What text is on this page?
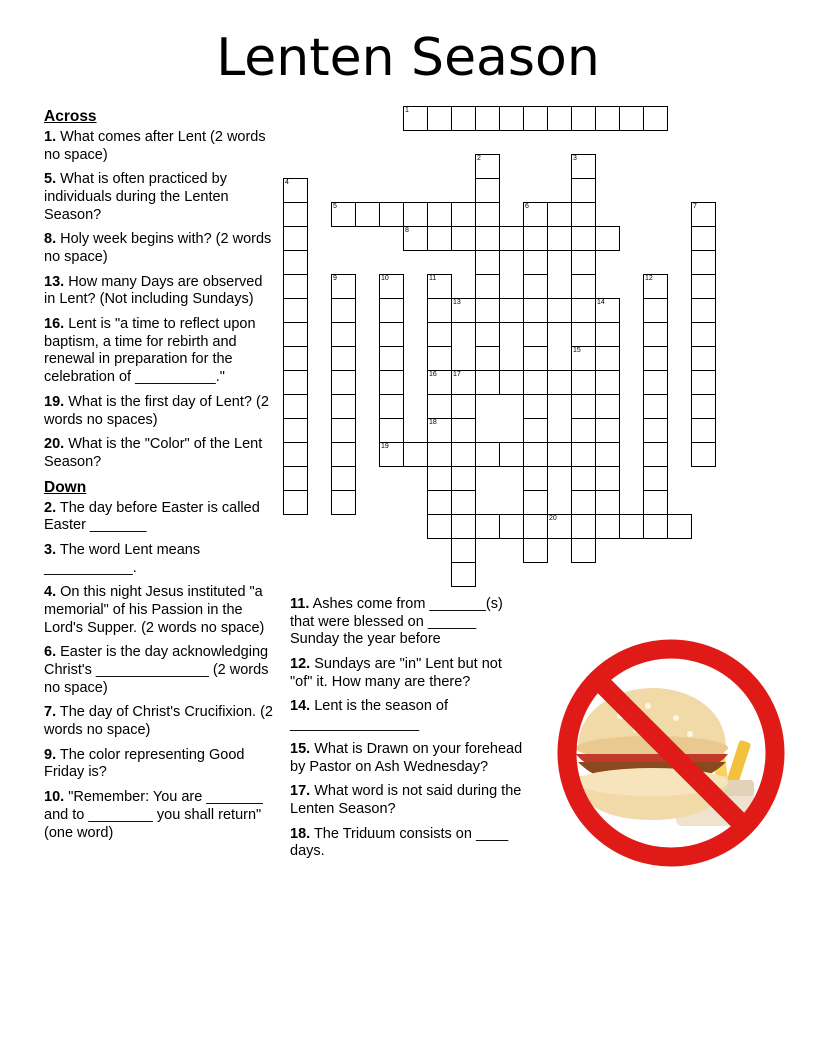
Lenten Season
Across
1. What comes after Lent (2 words no space)
5. What is often practiced by individuals during the Lenten Season?
8. Holy week begins with? (2 words no space)
13. How many Days are observed in Lent? (Not including Sundays)
16. Lent is "a time to reflect upon baptism, a time for rebirth and renewal in preparation for the celebration of __________."
19. What is the first day of Lent? (2 words no spaces)
20. What is the "Color" of the Lent Season?
Down
2. The day before Easter is called Easter _______
3. The word Lent means ___________.
4. On this night Jesus instituted "a memorial" of his Passion in the Lord's Supper. (2 words no space)
6. Easter is the day acknowledging Christ's ______________ (2 words no space)
7. The day of Christ's Crucifixion. (2 words no space)
9. The color representing Good Friday is?
10. "Remember: You are _______ and to ________ you shall return" (one word)
11. Ashes come from _______(s) that were blessed on ______ Sunday the year before
12. Sundays are "in" Lent but not "of" it. How many are there?
14. Lent is the season of ________________
15. What is Drawn on your forehead by Pastor on Ash Wednesday?
17. What word is not said during the Lenten Season?
18. The Triduum consists on ____ days.
1
2	3
4
5	6	7
8
9	10	11	12
13	14
15
16 17
18
19
20
